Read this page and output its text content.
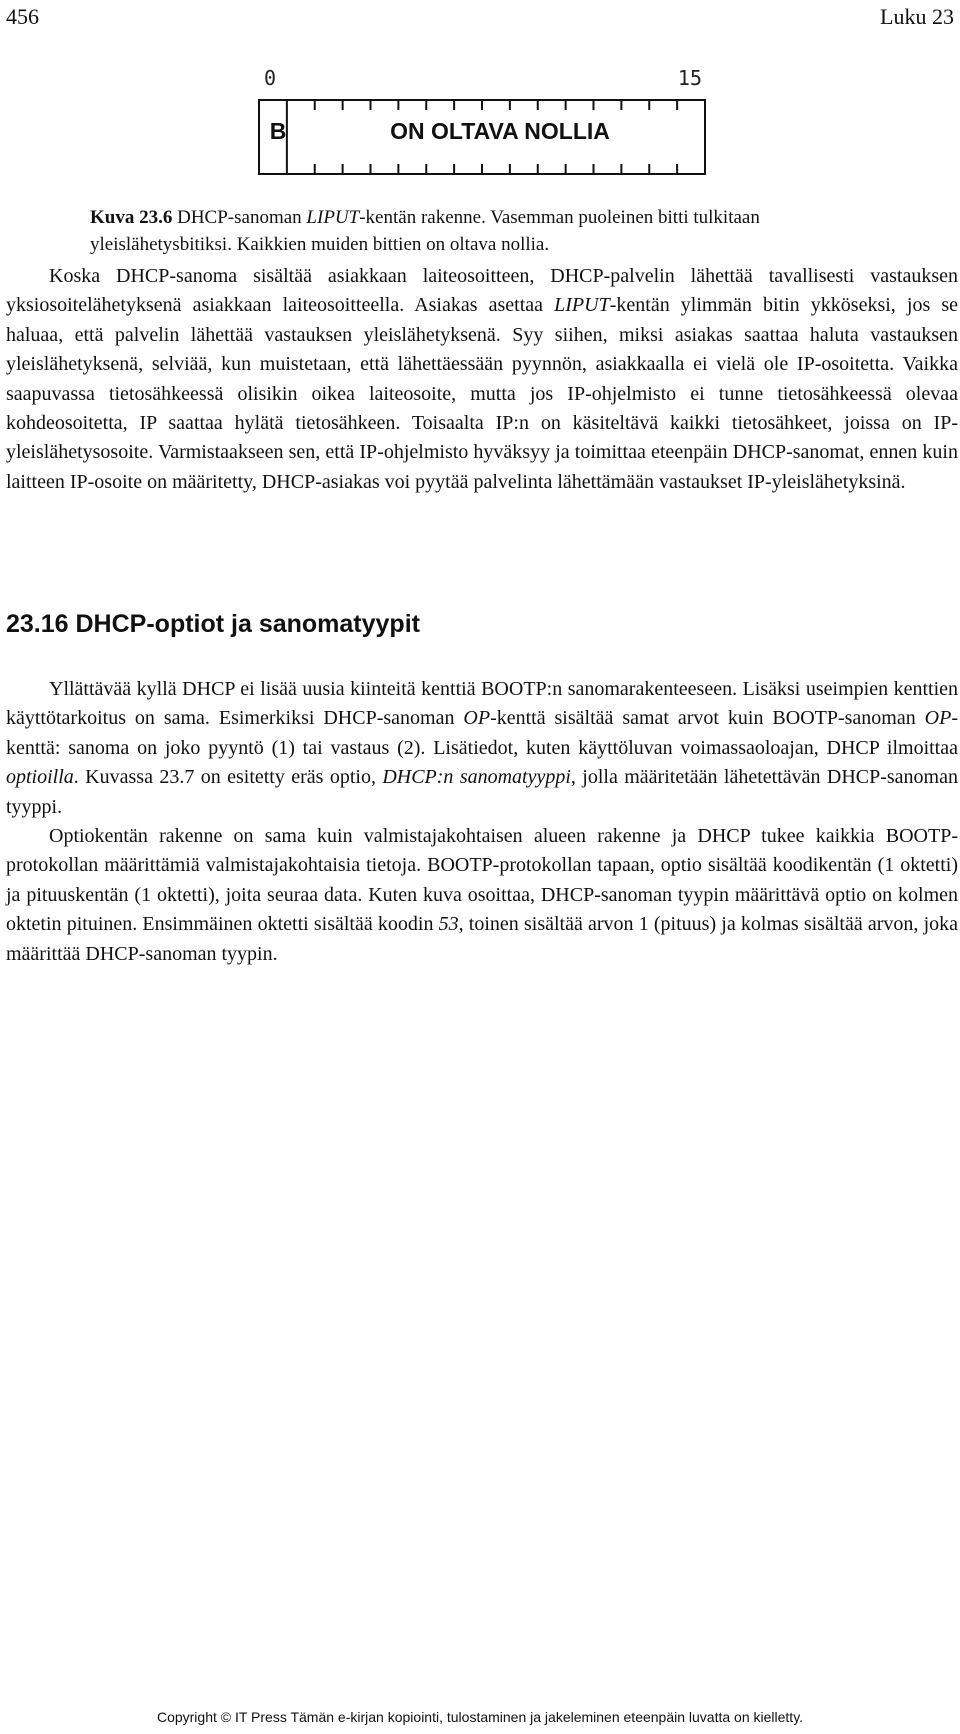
456	Luku 23
0	15
B	ON OLTAVA NOLLIA
Kuva 23.6 DHCP-sanoman LIPUT-kentän rakenne. Vasemman puoleinen bitti tulkitaan yleislähetysbitiksi. Kaikkien muiden bittien on oltava nollia.

Koska DHCP-sanoma sisältää asiakkaan laiteosoitteen, DHCP-palvelin lähettää tavallisesti vastauksen yksiosoitelähetyksenä asiakkaan laiteosoitteella. Asiakas asettaa LIPUT-kentän ylimmän bitin ykköseksi, jos se haluaa, että palvelin lähettää vastauksen yleislähetyksenä. Syy siihen, miksi asiakas saattaa haluta vastauksen yleislähetyksenä, selviää, kun muistetaan, että lähettäessään pyynnön, asiakkaalla ei vielä ole IP-osoitetta. Vaikka saapuvassa tietosähkeessä olisikin oikea laiteosoite, mutta jos IP-ohjelmisto ei tunne tietosähkeessä olevaa kohdeosoitetta, IP saattaa hylätä tietosähkeen. Toisaalta IP:n on käsiteltävä kaikki tietosähkeet, joissa on IP-yleislähetysosoite. Varmistaakseen sen, että IP-ohjelmisto hyväksyy ja toimittaa eteenpäin DHCP-sanomat, ennen kuin laitteen IP-osoite on määritetty, DHCP-asiakas voi pyytää palvelinta lähettämään vastaukset IP-yleislähetyksinä.

23.16 DHCP-optiot ja sanomatyypit

Yllättävää kyllä DHCP ei lisää uusia kiinteitä kenttiä BOOTP:n sanomarakenteeseen. Lisäksi useimpien kenttien käyttötarkoitus on sama. Esimerkiksi DHCP-sanoman OP-kenttä sisältää samat arvot kuin BOOTP-sanoman OP-kenttä: sanoma on joko pyyntö (1) tai vastaus (2). Lisätiedot, kuten käyttöluvan voimassaoloajan, DHCP ilmoittaa optioilla. Kuvassa 23.7 on esitetty eräs optio, DHCP:n sanomatyyppi, jolla määritetään lähetettävän DHCP-sanoman tyyppi.

Optiokentän rakenne on sama kuin valmistajakohtaisen alueen rakenne ja DHCP tukee kaikkia BOOTP-protokollan määrittämiä valmistajakohtaisia tietoja. BOOTP-protokollan tapaan, optio sisältää koodikentän (1 oktetti) ja pituuskentän (1 oktetti), joita seuraa data. Kuten kuva osoittaa, DHCP-sanoman tyypin määrittävä optio on kolmen oktetin pituinen. Ensimmäinen oktetti sisältää koodin 53, toinen sisältää arvon 1 (pituus) ja kolmas sisältää arvon, joka määrittää DHCP-sanoman tyypin.

Copyright © IT Press Tämän e-kirjan kopiointi, tulostaminen ja jakeleminen eteenpäin luvatta on kielletty.
